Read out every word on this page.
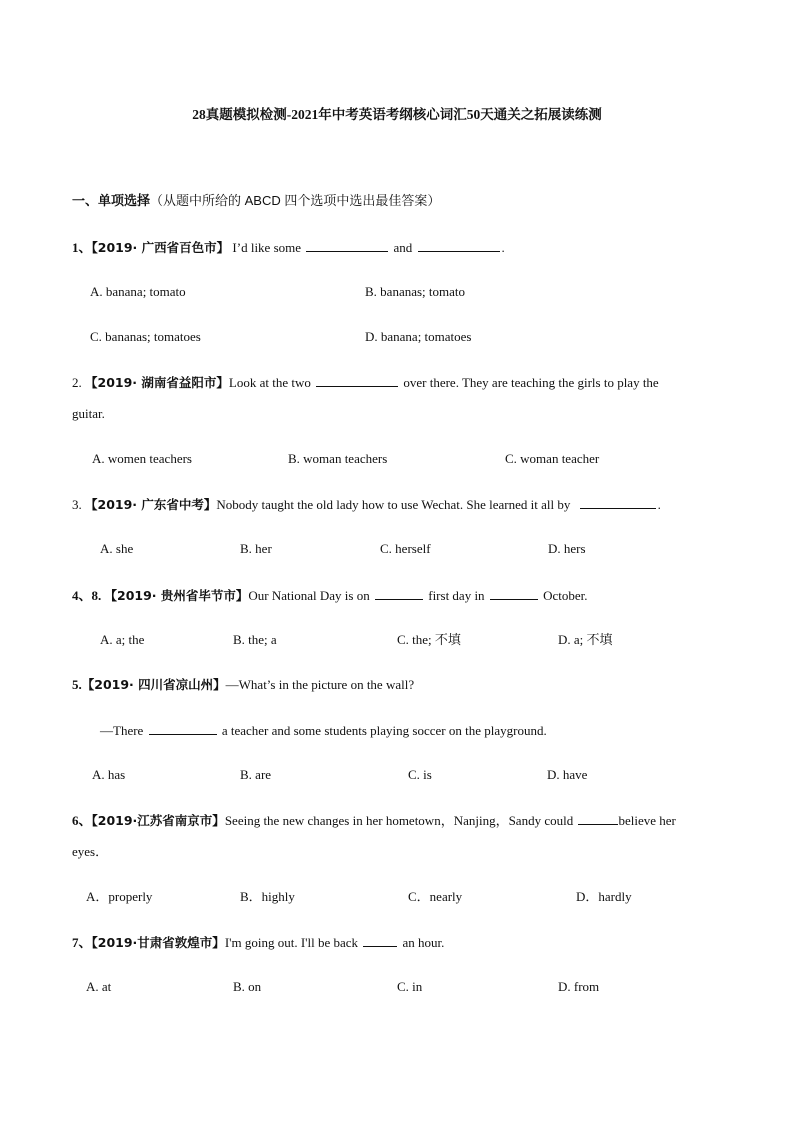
28真题模拟检测-2021年中考英语考纲核心词汇50天通关之拓展读练测
一、单项选择（从题中所给的 ABCD 四个选项中选出最佳答案）
1、【2019· 广西省百色市】 I’d like some	and	.
A. banana; tomato	B. bananas; tomato
C. bananas; tomatoes	D. banana; tomatoes
2. 【2019· 湖南省益阳市】Look at the two	over there. They are teaching the girls to play the
guitar.
A. women teachers	B. woman teachers	C. woman teacher
3. 【2019· 广东省中考】Nobody taught the old lady how to use Wechat. She learned it all by	.
A. she	B. her	C. herself	D. hers
4、8. 【2019· 贵州省毕节市】Our National Day is on	first day in	October.
A. a; the	B. the; a	C. the; 不填	D. a; 不填
5.【2019· 四川省凉山州】—What’s in the picture on the wall?
—There	a teacher and some students playing soccer on the playground.
A. has	B. are	C. is	D. have
6、【2019·江苏省南京市】Seeing the new changes in her hometown，Nanjing，Sandy could	believe her
eyes．
A．properly	B．highly	C．nearly	D．hardly
7、【2019·甘肃省敦煌市】I'm going out. I'll be back	an hour.
A. at	B. on	C. in	D. from
